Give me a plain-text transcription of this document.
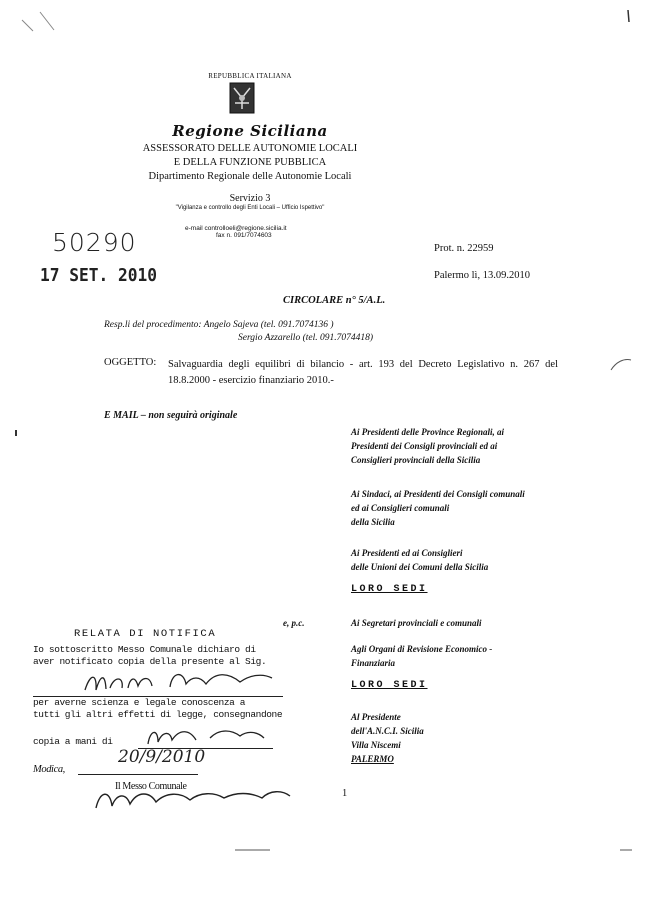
REPUBBLICA ITALIANA
Regione Siciliana
ASSESSORATO DELLE AUTONOMIE LOCALI
E DELLA FUNZIONE PUBBLICA
Dipartimento Regionale delle Autonomie Locali
Servizio 3
"Vigilanza e controllo degli Enti Locali – Ufficio Ispettivo"
e-mail controlloeli@regione.sicilia.it
fax n. 091/7074603
50290
17 SET. 2010
Prot. n. 22959
Palermo lì, 13.09.2010
CIRCOLARE n° 5/A.L.
Resp.li del procedimento: Angelo Sajeva (tel. 091.7074136 )
Sergio Azzarello (tel. 091.7074418)
OGGETTO: Salvaguardia degli equilibri di bilancio - art. 193 del Decreto Legislativo n. 267 del 18.8.2000 - esercizio finanziario 2010.-
E MAIL – non seguirà originale
Ai Presidenti delle Province Regionali, ai
Presidenti dei Consigli provinciali ed ai
Consiglieri provinciali della Sicilia
Ai Sindaci, ai Presidenti dei Consigli comunali
ed ai Consiglieri comunali
della Sicilia
Ai Presidenti ed ai Consiglieri
delle Unioni dei Comuni della Sicilia
LORO SEDI
e, p.c.	Ai Segretari provinciali e comunali
Agli Organi di Revisione Economico -
Finanziaria
LORO SEDI
Al Presidente
dell'A.N.C.I. Sicilia
Villa Niscemi
PALERMO
RELATA DI NOTIFICA
Io sottoscritto Messo Comunale dichiaro di
aver notificato copia della presente al Sig.
per averne scienza e legale conoscenza a
tutti gli altri effetti di legge, consegnandone
copia a mani di
Modica,
20/9/2010
Il Messo Comunale
1
